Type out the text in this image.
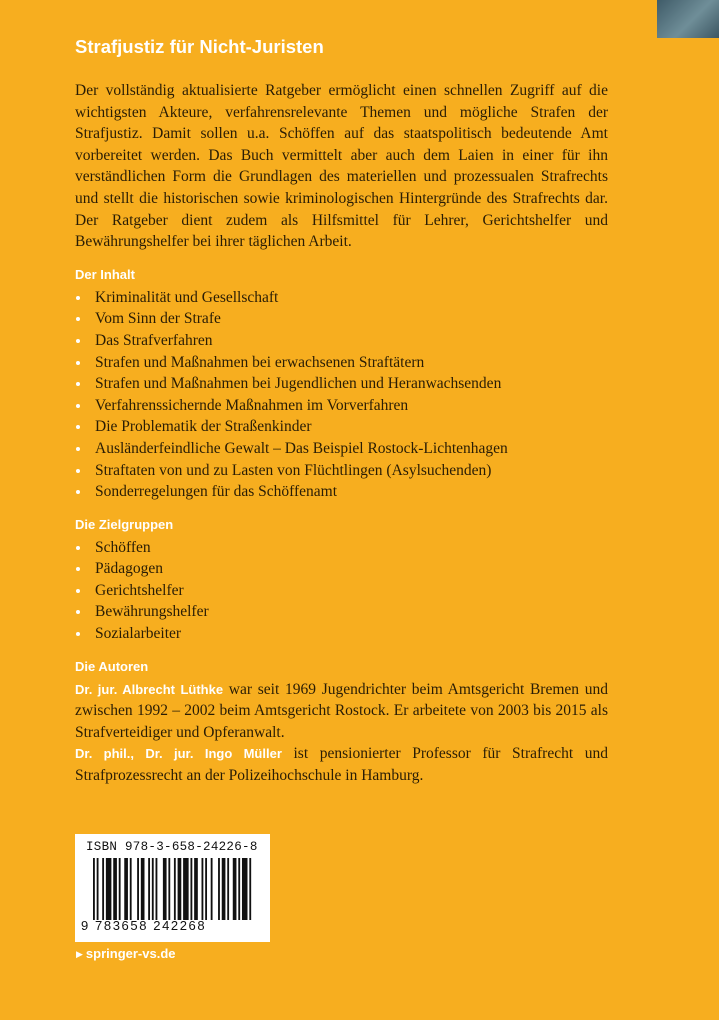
Strafjustiz für Nicht-Juristen

Der vollständig aktualisierte Ratgeber ermöglicht einen schnellen Zugriff auf die wichtigsten Akteure, verfahrensrelevante Themen und mögliche Strafen der Strafjustiz. Damit sollen u.a. Schöffen auf das staatspolitisch bedeutende Amt vorbereitet werden. Das Buch vermittelt aber auch dem Laien in einer für ihn verständlichen Form die Grundlagen des materiellen und prozessualen Strafrechts und stellt die historischen sowie kriminologischen Hintergründe des Strafrechts dar. Der Ratgeber dient zudem als Hilfsmittel für Lehrer, Gerichtshelfer und Bewährungshelfer bei ihrer täglichen Arbeit.

Der Inhalt
Kriminalität und Gesellschaft
Vom Sinn der Strafe
Das Strafverfahren
Strafen und Maßnahmen bei erwachsenen Straftätern
Strafen und Maßnahmen bei Jugendlichen und Heranwachsenden
Verfahrenssichernde Maßnahmen im Vorverfahren
Die Problematik der Straßenkinder
Ausländerfeindliche Gewalt – Das Beispiel Rostock-Lichtenhagen
Straftaten von und zu Lasten von Flüchtlingen (Asylsuchenden)
Sonderregelungen für das Schöffenamt
Die Zielgruppen
Schöffen
Pädagogen
Gerichtshelfer
Bewährungshelfer
Sozialarbeiter
Die Autoren

Dr. jur. Albrecht Lüthke war seit 1969 Jugendrichter beim Amtsgericht Bremen und zwischen 1992 – 2002 beim Amtsgericht Rostock. Er arbeitete von 2003 bis 2015 als Strafverteidiger und Opferanwalt.

Dr. phil., Dr. jur. Ingo Müller ist pensionierter Professor für Strafrecht und Strafprozessrecht an der Polizeihochschule in Hamburg.

ISBN 978-3-658-24226-8
9 783658 242268
▶ springer-vs.de
